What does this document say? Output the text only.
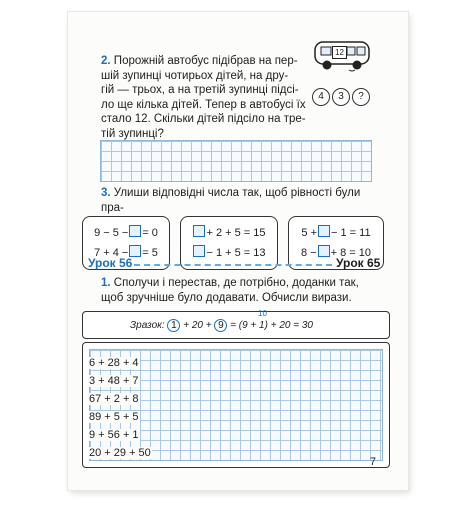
2. Порожній автобус підібрав на пер-
шій зупинці чотирьох дітей, на дру-
гій — трьох, а на третій зупинці підсі-
ло ще кілька дітей. Тепер в автобусі їх
стало 12. Скільки дітей підсіло на тре-
тій зупинці?
12
4	3	?
3. Улиши відповідні числа так, щоб рівності були пра-
9 − 5 − = 0
7 + 4 − = 5
+ 2 + 5 = 15
− 1 + 5 = 13
5 + − 1 = 11
8 − + 8 = 10
Урок 56	Урок 65
1. Сполучи і перестав, де потрібно, доданки так,
щоб зручніше було додавати. Обчисли вирази.
Зразок: 1 + 20 + 9 = (9 + 1) + 20 = 30
10
6 + 28 + 4
3 + 48 + 7
67 + 2 + 8
89 + 5 + 5
9 + 56 + 1
20 + 29 + 50
7
